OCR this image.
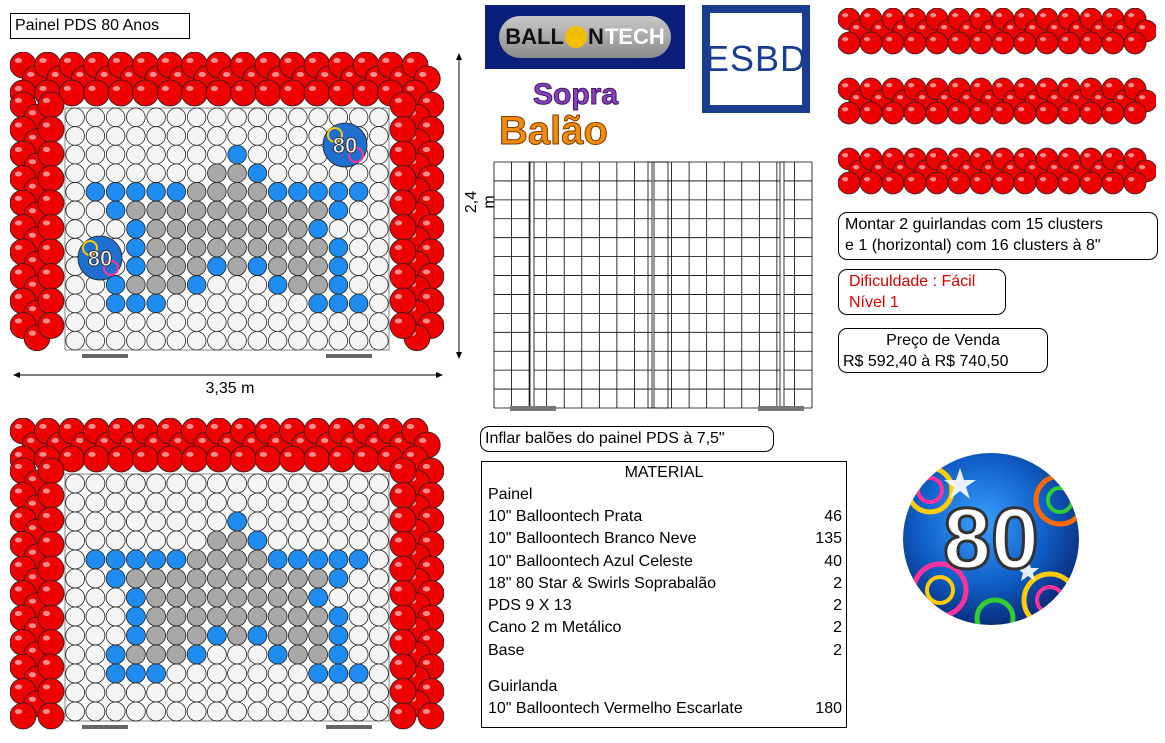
Painel PDS 80 Anos
80
80
2,4 m
3,35 m
BALL N TECH
ESBD
Sopra
Balão
Montar 2 guirlandas com 15 clusters
e 1 (horizontal) com 16 clusters à 8"
Dificuldade : Fácil
Nível 1
Preço de Venda
R$ 592,40 à R$ 740,50
Inflar balões do painel PDS à 7,5"
MATERIAL
Painel
10" Balloontech Prata	46
10" Balloontech Branco Neve	135
10" Balloontech Azul Celeste	40
18" 80 Star & Swirls Soprabalão	2
PDS 9 X 13	2
Cano 2 m Metálico	2
Base	2
Guirlanda
10" Balloontech Vermelho Escarlate	180
80
